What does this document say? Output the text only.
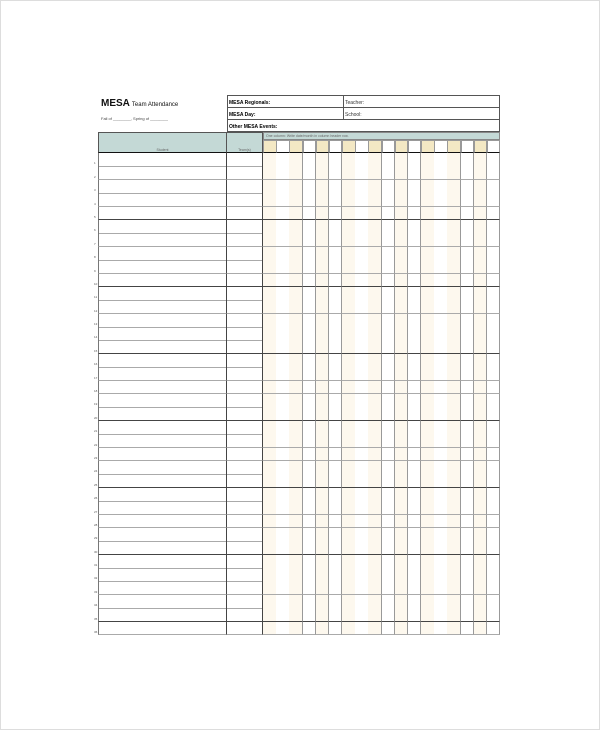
MESA Team Attendance
Fall of ________, Spring of ________
MESA Regionals:	Teacher:
MESA Day:	School:
Other MESA Events:
Student	Team(s)
One column: Write date/month in column header row.
1
2
3
4
5
6
7
8
9
10
11
12
13
14
15
16
17
18
19
20
21
22
23
24
25
26
27
28
29
30
31
32
33
34
35
36
